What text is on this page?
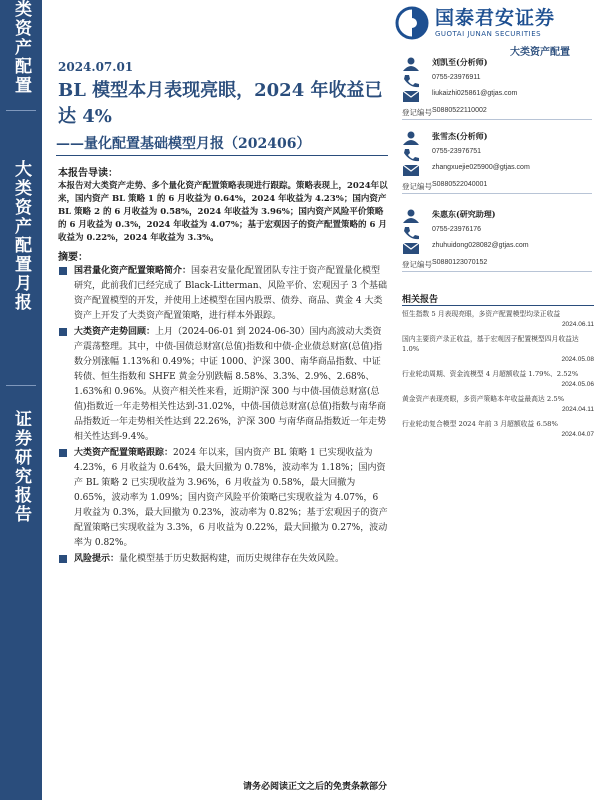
类资产配置
大类资产配置月报
证券研究报告
国泰君安证券
GUOTAI JUNAN SECURITIES
大类资产配置
2024.07.01
BL 模型本月表现亮眼，2024 年收益已达 4%
——量化配置基础模型月报（202406）
本报告导读：
本报告对大类资产走势、多个量化资产配置策略表现进行跟踪。策略表现上，2024年以来，国内资产 BL 策略 1 的 6 月收益为 0.64%，2024 年收益为 4.23%；国内资产 BL 策略 2 的 6 月收益为 0.58%，2024 年收益为 3.96%；国内资产风险平价策略的 6 月收益为 0.3%，2024 年收益为 4.07%；基于宏观因子的资产配置策略的 6 月收益为 0.22%，2024 年收益为 3.3%。
摘要：
国君量化资产配置策略简介：国泰君安量化配置团队专注于资产配置量化模型研究，此前我们已经完成了 Black-Litterman、风险平价、宏观因子 3 个基础资产配置模型的开发，并使用上述模型在国内股票、债券、商品、黄金 4 大类资产上开发了大类资产配置策略，进行样本外跟踪。
大类资产走势回顾：上月（2024-06-01 到 2024-06-30）国内高波动大类资产震荡整理。其中，中债-国债总财富(总值)指数和中债-企业债总财富(总值)指数分别涨幅 1.13%和 0.49%；中证 1000、沪深 300、南华商品指数、中证转债、恒生指数和 SHFE 黄金分别跌幅 8.58%、3.3%、2.9%、2.68%、1.63%和 0.96%。从资产相关性来看，近期沪深 300 与中债-国债总财富(总值)指数近一年走势相关性达到-31.02%，中债-国债总财富(总值)指数与南华商品指数近一年走势相关性达到 22.26%，沪深 300 与南华商品指数近一年走势相关性达到-9.4%。
大类资产配置策略跟踪：2024 年以来，国内资产 BL 策略 1 已实现收益为 4.23%，6 月收益为 0.64%，最大回撤为 0.78%，波动率为 1.18%；国内资产 BL 策略 2 已实现收益为 3.96%，6 月收益为 0.58%，最大回撤为 0.65%，波动率为 1.09%；国内资产风险平价策略已实现收益为 4.07%，6 月收益为 0.3%，最大回撤为 0.23%，波动率为 0.82%；基于宏观因子的资产配置策略已实现收益为 3.3%，6 月收益为 0.22%，最大回撤为 0.27%，波动率为 0.82%。
风险提示：量化模型基于历史数据构建，而历史规律存在失效风险。
刘凯至(分析师)
0755-23976911
liukaizhi025861@gtjas.com
登记编号 S0880522110002
张雪杰(分析师)
0755-23976751
zhangxuejie025900@gtjas.com
登记编号 S0880522040001
朱惠东(研究助理)
0755-23976176
zhuhuidong028082@gtjas.com
登记编号 S0880123070152
相关报告
恒生指数 5 月表现亮眼，多资产配置模型均录正收益
2024.06.11
国内主要资产录正收益，基于宏观因子配置模型四月收益达 1.0%
2024.05.08
行业轮动周期、资金流模型 4 月超额收益 1.79%、2.52%
2024.05.06
黄金资产表现亮眼，多资产策略本年收益最高达 2.5%
2024.04.11
行业轮动复合模型 2024 年前 3 月超额收益 6.58%
2024.04.07
请务必阅读正文之后的免责条款部分
